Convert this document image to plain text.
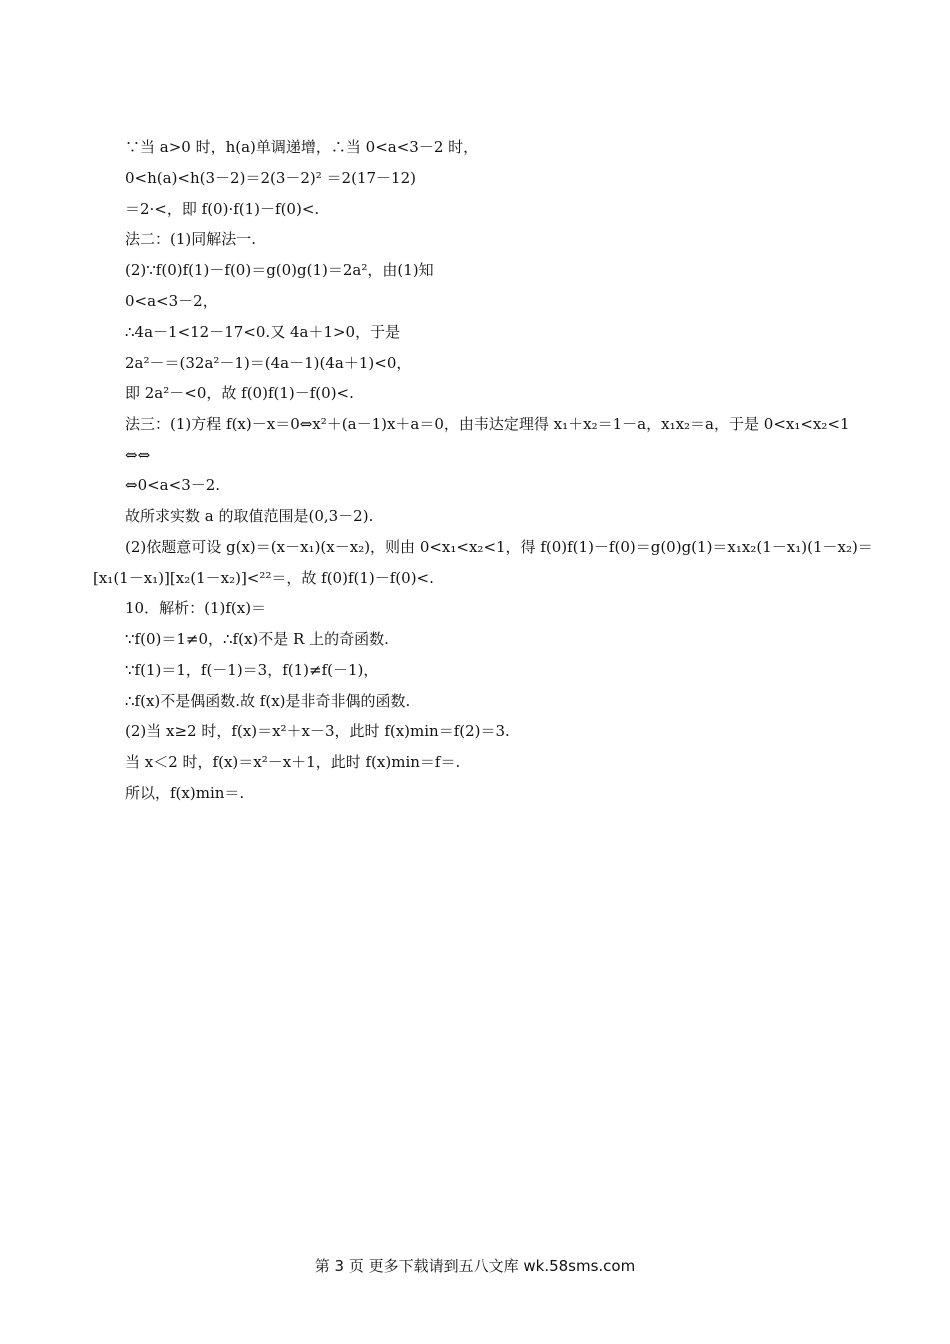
∵当 a>0 时，h(a)单调递增，∴当 0<a<3－2 时，
0<h(a)<h(3－2)＝2(3－2)² ＝2(17－12)
＝2·<，即 f(0)·f(1)－f(0)<.
法二：(1)同解法一.
(2)∵f(0)f(1)－f(0)＝g(0)g(1)＝2a²，由(1)知
0<a<3－2，
∴4a－1<12－17<0.又 4a＋1>0，于是
2a²－＝(32a²－1)＝(4a－1)(4a＋1)<0，
即 2a²－<0，故 f(0)f(1)－f(0)<.
法三：(1)方程 f(x)－x＝0⇔x²＋(a－1)x＋a＝0，由韦达定理得 x₁＋x₂＝1－a，x₁x₂＝a，于是 0<x₁<x₂<1
⇔⇔
⇔0<a<3－2.
故所求实数 a 的取值范围是(0,3－2).
(2)依题意可设 g(x)＝(x－x₁)(x－x₂)，则由 0<x₁<x₂<1，得 f(0)f(1)－f(0)＝g(0)g(1)＝x₁x₂(1－x₁)(1－x₂)＝
[x₁(1－x₁)][x₂(1－x₂)]<²²＝，故 f(0)f(1)－f(0)<.
10．解析：(1)f(x)＝
∵f(0)＝1≠0，∴f(x)不是 R 上的奇函数.
∵f(1)＝1，f(－1)＝3，f(1)≠f(－1)，
∴f(x)不是偶函数.故 f(x)是非奇非偶的函数.
(2)当 x≥2 时，f(x)＝x²＋x－3，此时 f(x)min＝f(2)＝3.
当 x＜2 时，f(x)＝x²－x＋1，此时 f(x)min＝f＝.
所以，f(x)min＝.
第 3 页 更多下载请到五八文库 wk.58sms.com
